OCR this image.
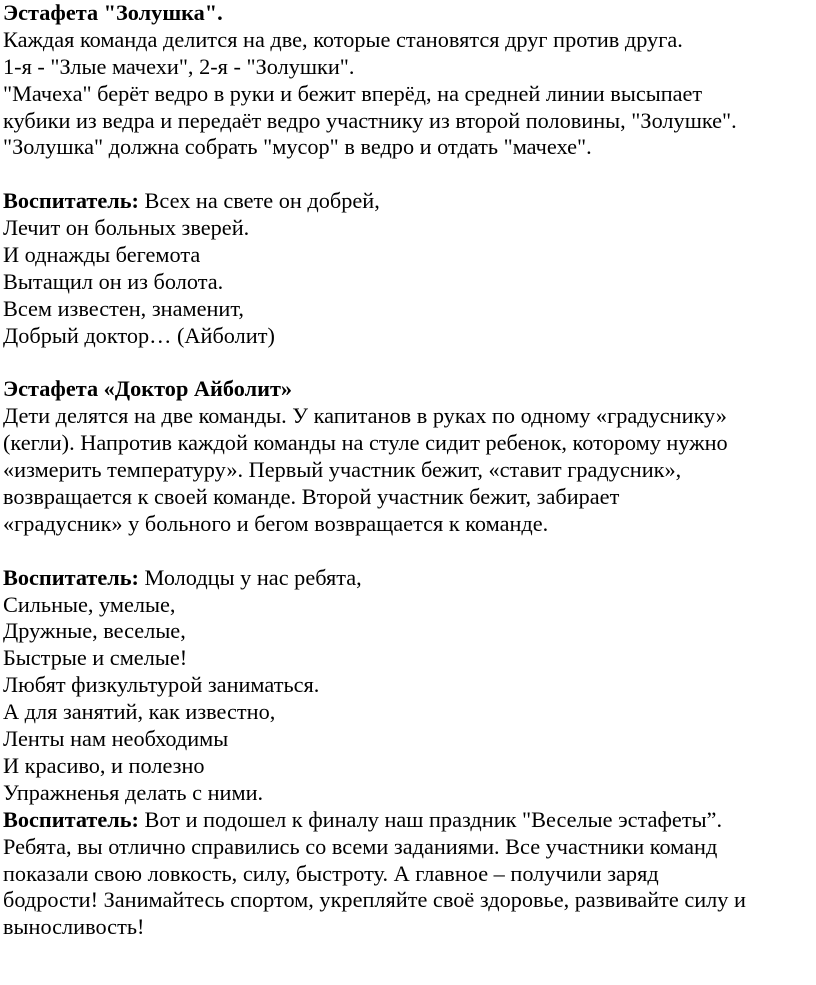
Эстафета "Золушка".
Каждая команда делится на две, которые становятся друг против друга.
1-я - "Злые мачехи", 2-я - "Золушки".
"Мачеха" берёт ведро в руки и бежит вперёд, на средней линии высыпает
кубики из ведра и передаёт ведро участнику из второй половины, "Золушке".
"Золушка" должна собрать "мусор" в ведро и отдать "мачехе".
Воспитатель: Всех на свете он добрей,
Лечит он больных зверей.
И однажды бегемота
Вытащил он из болота.
Всем известен, знаменит,
Добрый доктор… (Айболит)
Эстафета «Доктор Айболит»
Дети делятся на две команды. У капитанов в руках по одному «градуснику»
(кегли). Напротив каждой команды на стуле сидит ребенок, которому нужно
«измерить температуру». Первый участник бежит, «ставит градусник»,
возвращается к своей команде. Второй участник бежит, забирает
«градусник» у больного и бегом возвращается к команде.
Воспитатель: Молодцы у нас ребята,
Сильные, умелые,
Дружные, веселые,
Быстрые и смелые!
Любят физкультурой заниматься.
А для занятий, как известно,
Ленты нам необходимы
И красиво, и полезно
Упражненья делать с ними.
Воспитатель: Вот и подошел к финалу наш праздник "Веселые эстафеты”.
Ребята, вы отлично справились со всеми заданиями. Все участники команд
показали свою ловкость, силу, быстроту. А главное – получили заряд
бодрости! Занимайтесь спортом, укрепляйте своё здоровье, развивайте силу и
выносливость!
